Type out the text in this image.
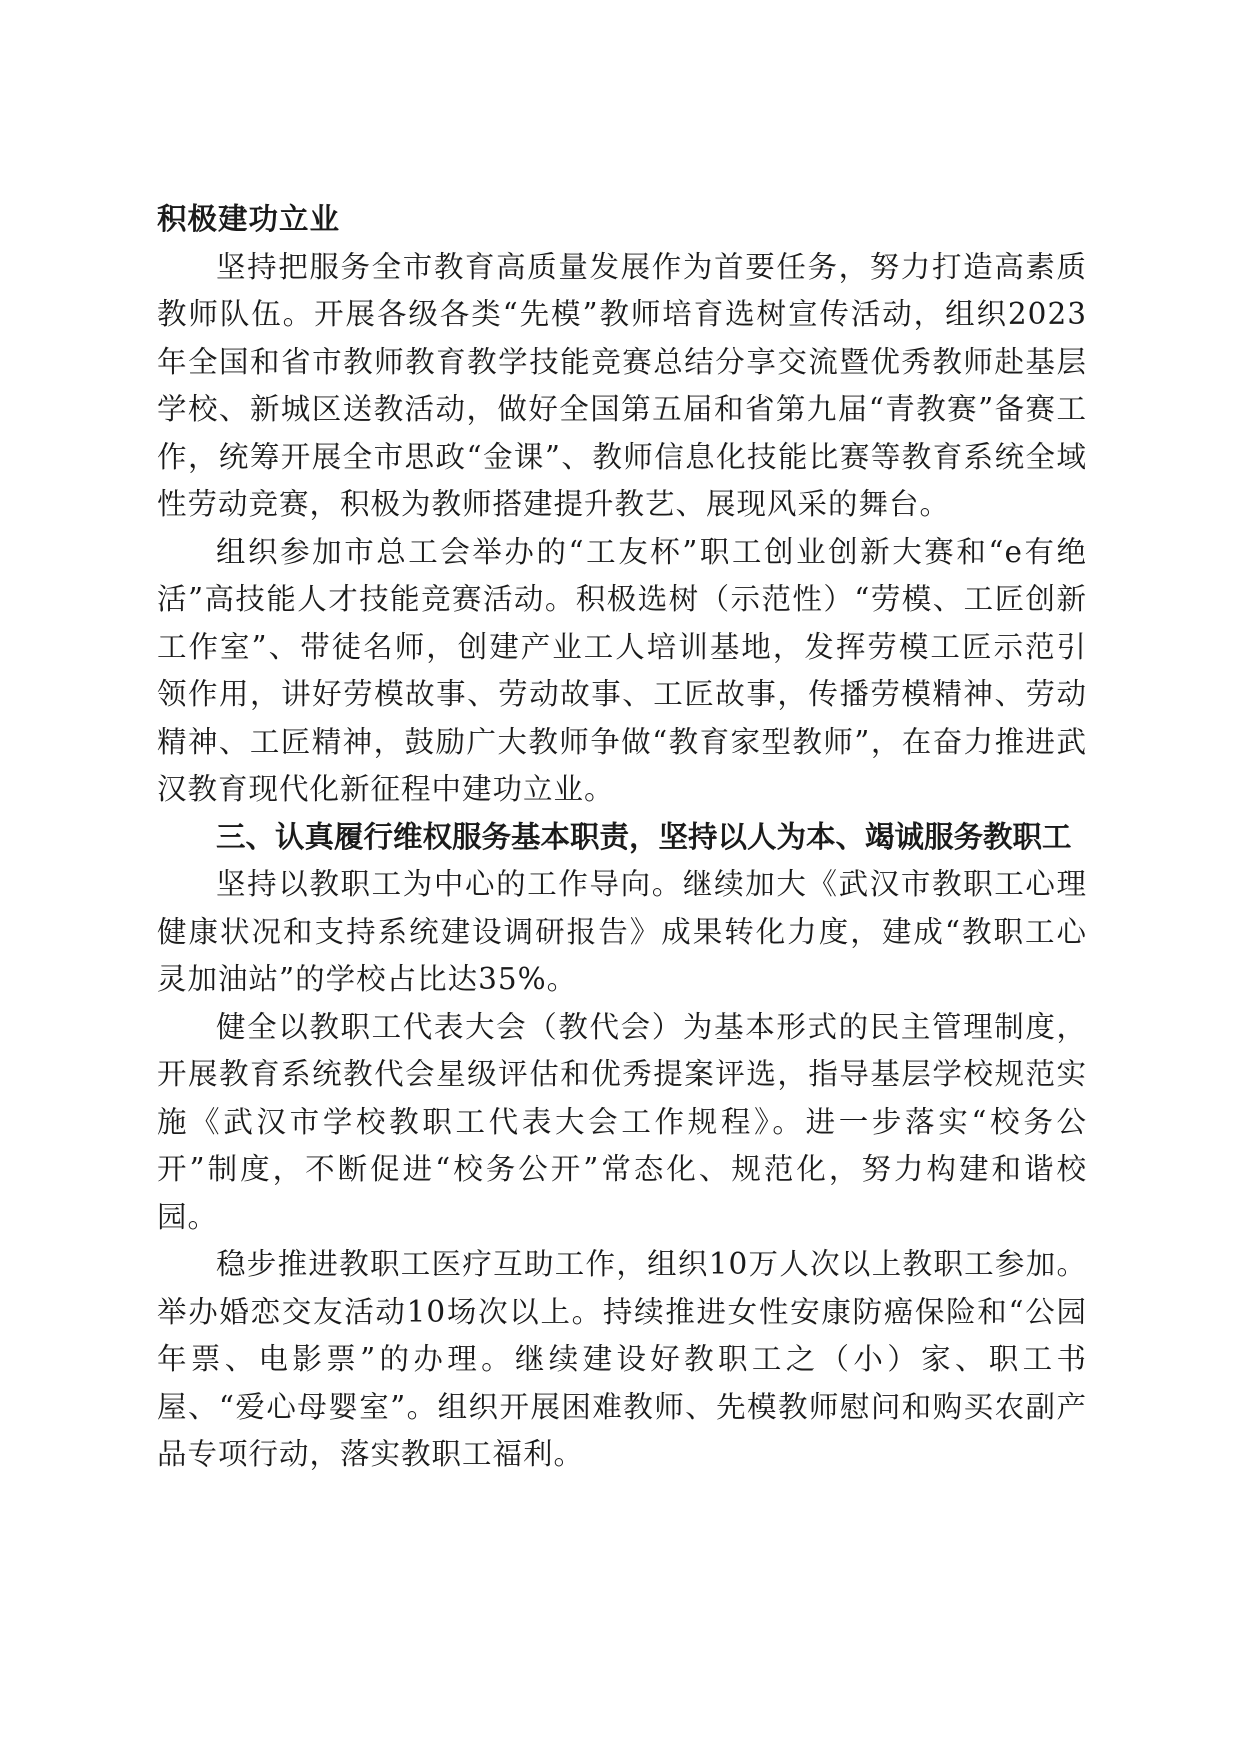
积极建功立业

坚持把服务全市教育高质量发展作为首要任务，努力打造高素质教师队伍。开展各级各类“先模”教师培育选树宣传活动，组织2023年全国和省市教师教育教学技能竞赛总结分享交流暨优秀教师赴基层学校、新城区送教活动，做好全国第五届和省第九届“青教赛”备赛工作，统筹开展全市思政“金课”、教师信息化技能比赛等教育系统全域性劳动竞赛，积极为教师搭建提升教艺、展现风采的舞台。

组织参加市总工会举办的“工友杯”职工创业创新大赛和“e有绝活”高技能人才技能竞赛活动。积极选树（示范性）“劳模、工匠创新工作室”、带徒名师，创建产业工人培训基地，发挥劳模工匠示范引领作用，讲好劳模故事、劳动故事、工匠故事，传播劳模精神、劳动精神、工匠精神，鼓励广大教师争做“教育家型教师”，在奋力推进武汉教育现代化新征程中建功立业。

三、认真履行维权服务基本职责，坚持以人为本、竭诚服务教职工

坚持以教职工为中心的工作导向。继续加大《武汉市教职工心理健康状况和支持系统建设调研报告》成果转化力度，建成“教职工心灵加油站”的学校占比达35%。

健全以教职工代表大会（教代会）为基本形式的民主管理制度，开展教育系统教代会星级评估和优秀提案评选，指导基层学校规范实施《武汉市学校教职工代表大会工作规程》。进一步落实“校务公开”制度，不断促进“校务公开”常态化、规范化，努力构建和谐校园。

稳步推进教职工医疗互助工作，组织10万人次以上教职工参加。举办婚恋交友活动10场次以上。持续推进女性安康防癌保险和“公园年票、电影票”的办理。继续建设好教职工之（小）家、职工书屋、“爱心母婴室”。组织开展困难教师、先模教师慰问和购买农副产品专项行动，落实教职工福利。
